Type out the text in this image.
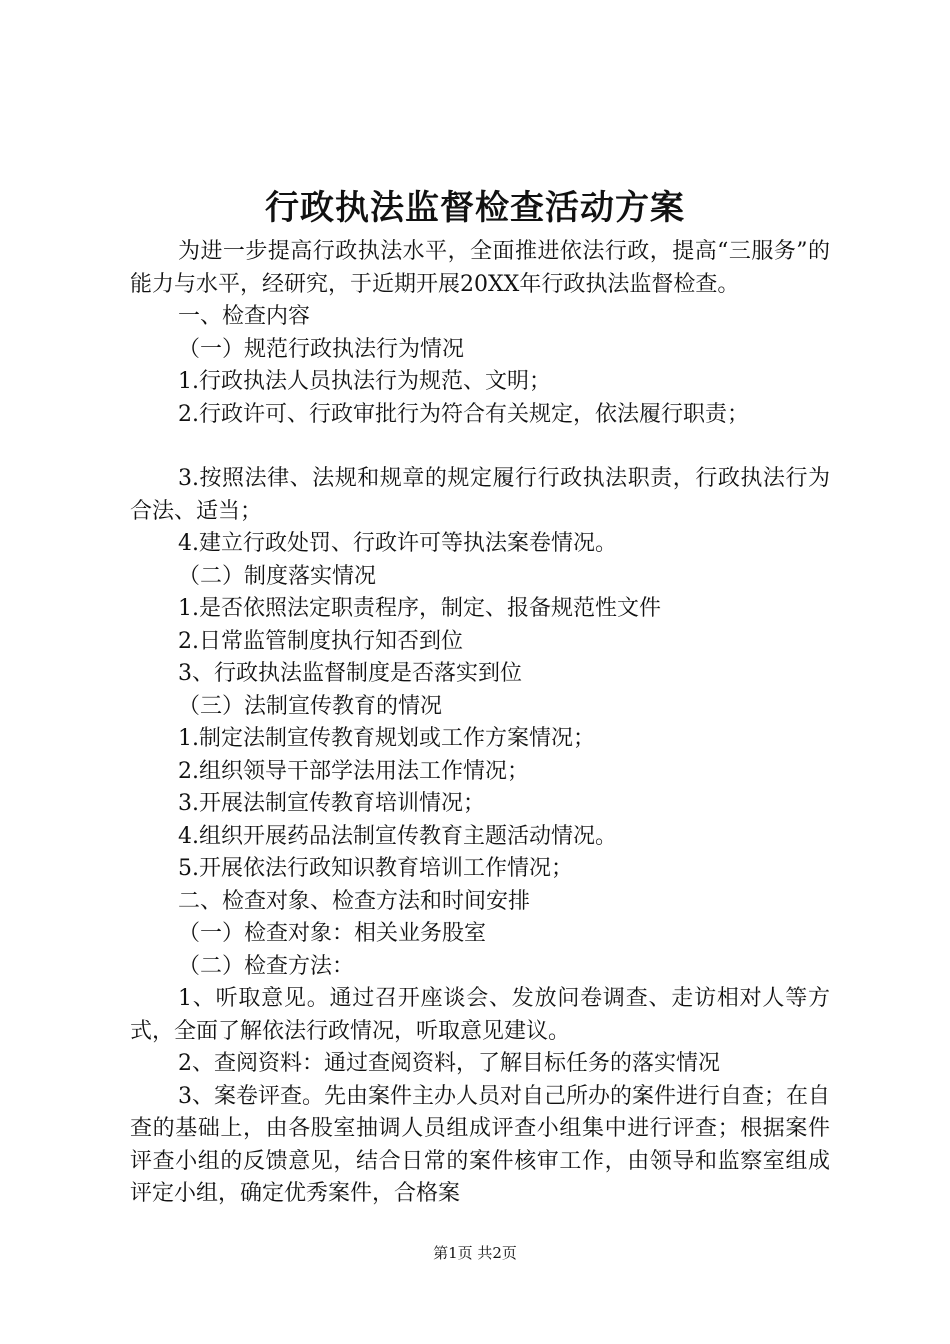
行政执法监督检查活动方案

为进一步提高行政执法水平，全面推进依法行政，提高“三服务”的能力与水平，经研究，于近期开展20XX年行政执法监督检查。

一、检查内容

（一）规范行政执法行为情况

1.行政执法人员执法行为规范、文明；

2.行政许可、行政审批行为符合有关规定，依法履行职责；

3.按照法律、法规和规章的规定履行行政执法职责，行政执法行为合法、适当；

4.建立行政处罚、行政许可等执法案卷情况。

（二）制度落实情况

1.是否依照法定职责程序，制定、报备规范性文件

2.日常监管制度执行知否到位

3、行政执法监督制度是否落实到位

（三）法制宣传教育的情况

1.制定法制宣传教育规划或工作方案情况；

2.组织领导干部学法用法工作情况；

3.开展法制宣传教育培训情况；

4.组织开展药品法制宣传教育主题活动情况。

5.开展依法行政知识教育培训工作情况；

二、检查对象、检查方法和时间安排

（一）检查对象：相关业务股室

（二）检查方法：

1、听取意见。通过召开座谈会、发放问卷调查、走访相对人等方式，全面了解依法行政情况，听取意见建议。

2、查阅资料：通过查阅资料，了解目标任务的落实情况

3、案卷评查。先由案件主办人员对自己所办的案件进行自查；在自查的基础上，由各股室抽调人员组成评查小组集中进行评查；根据案件评查小组的反馈意见，结合日常的案件核审工作，由领导和监察室组成评定小组，确定优秀案件，合格案

第1页 共2页
